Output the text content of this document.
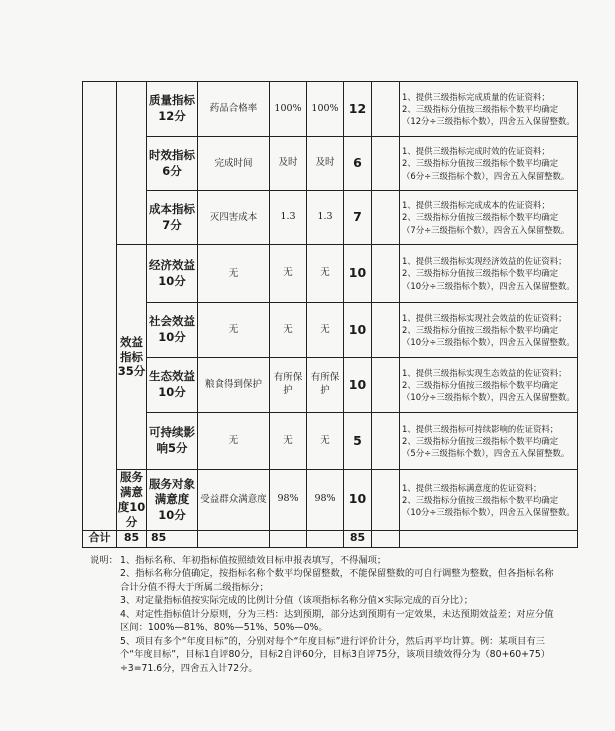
		质量指标12分	药品合格率	100%	100%	12		1、提供三级指标完成质量的佐证资料；
2、三级指标分值按三级指标个数平均确定
（12分÷三级指标个数），四舍五入保留整数。

		时效指标6分	完成时间	及时	及时	6		1、提供三级指标完成时效的佐证资料；
2、三级指标分值按三级指标个数平均确定
（6分÷三级指标个数），四舍五入保留整数。

		成本指标7分	灭四害成本	1.3	1.3	7		1、提供三级指标完成成本的佐证资料；
2、三级指标分值按三级指标个数平均确定
（7分÷三级指标个数），四舍五入保留整数。

	效益指标35分	经济效益10分	无	无	无	10		1、提供三级指标实现经济效益的佐证资料；
2、三级指标分值按三级指标个数平均确定
（10分÷三级指标个数），四舍五入保留整数。

		社会效益10分	无	无	无	10		1、提供三级指标实现社会效益的佐证资料；
2、三级指标分值按三级指标个数平均确定
（10分÷三级指标个数），四舍五入保留整数。

		生态效益10分	粮食得到保护	有所保护	有所保护	10		1、提供三级指标实现生态效益的佐证资料；
2、三级指标分值按三级指标个数平均确定
（10分÷三级指标个数），四舍五入保留整数。

		可持续影响5分	无	无	无	5		1、提供三级指标可持续影响的佐证资料；
2、三级指标分值按三级指标个数平均确定
（5分÷三级指标个数），四舍五入保留整数。

	服务满意度10分	服务对象满意度10分	受益群众满意度	98%	98%	10		1、提供三级指标满意度的佐证资料；
2、三级指标分值按三级指标个数平均确定
（10分÷三级指标个数），四舍五入保留整数。

合计	85	85				85		
说明： 1、指标名称、年初指标值按照绩效目标申报表填写，不得漏项；
2、指标名称分值确定，按指标名称个数平均保留整数，不能保留整数的可自行调整为整数，但各指标名称合计分值不得大于所属二级指标分；
3、对定量指标值按实际完成的比例计分值（该项指标名称分值×实际完成的百分比）；
4、对定性指标值计分原则，分为三档：达到预期，部分达到预期有一定效果，未达预期效益差；对应分值区间：100%—81%、80%—51%、50%—0%。
5、项目有多个“年度目标”的，分别对每个“年度目标”进行评价计分，然后再平均计算。例：某项目有三个“年度目标”，目标1自评80分，目标2自评60分，目标3自评75分，该项目绩效得分为（80+60+75）÷3=71.6分，四舍五入计72分。
